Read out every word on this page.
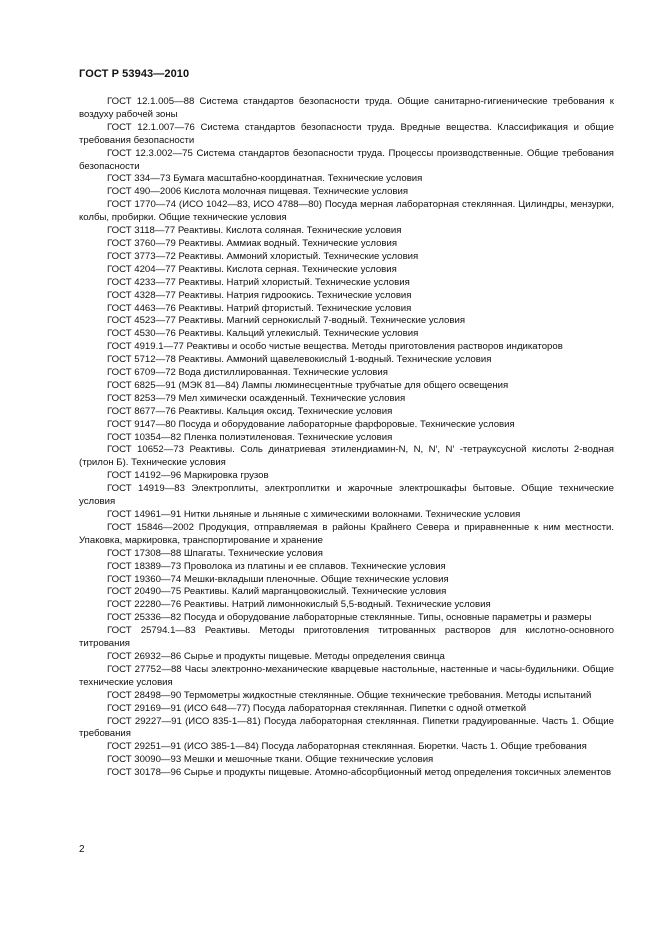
ГОСТ Р 53943—2010

ГОСТ 12.1.005—88 Система стандартов безопасности труда. Общие санитарно-гигиенические требования к воздуху рабочей зоны

ГОСТ 12.1.007—76 Система стандартов безопасности труда. Вредные вещества. Классификация и общие требования безопасности

ГОСТ 12.3.002—75 Система стандартов безопасности труда. Процессы производственные. Общие требования безопасности

ГОСТ 334—73 Бумага масштабно-координатная. Технические условия

ГОСТ 490—2006 Кислота молочная пищевая. Технические условия

ГОСТ 1770—74 (ИСО 1042—83, ИСО 4788—80) Посуда мерная лабораторная стеклянная. Цилиндры, мензурки, колбы, пробирки. Общие технические условия

ГОСТ 3118—77 Реактивы. Кислота соляная. Технические условия

ГОСТ 3760—79 Реактивы. Аммиак водный. Технические условия

ГОСТ 3773—72 Реактивы. Аммоний хлористый. Технические условия

ГОСТ 4204—77 Реактивы. Кислота серная. Технические условия

ГОСТ 4233—77 Реактивы. Натрий хлористый. Технические условия

ГОСТ 4328—77 Реактивы. Натрия гидроокись. Технические условия

ГОСТ 4463—76 Реактивы. Натрий фтористый. Технические условия

ГОСТ 4523—77 Реактивы. Магний сернокислый 7-водный. Технические условия

ГОСТ 4530—76 Реактивы. Кальций углекислый. Технические условия

ГОСТ 4919.1—77 Реактивы и особо чистые вещества. Методы приготовления растворов индикаторов

ГОСТ 5712—78 Реактивы. Аммоний щавелевокислый 1-водный. Технические условия

ГОСТ 6709—72 Вода дистиллированная. Технические условия

ГОСТ 6825—91 (МЭК 81—84) Лампы люминесцентные трубчатые для общего освещения

ГОСТ 8253—79 Мел химически осажденный. Технические условия

ГОСТ 8677—76 Реактивы. Кальция оксид. Технические условия

ГОСТ 9147—80 Посуда и оборудование лабораторные фарфоровые. Технические условия

ГОСТ 10354—82 Пленка полиэтиленовая. Технические условия

ГОСТ 10652—73 Реактивы. Соль динатриевая этилендиамин-N, N, N′, N′ -тетрауксусной кислоты 2-водная (трилон Б). Технические условия

ГОСТ 14192—96 Маркировка грузов

ГОСТ 14919—83 Электроплиты, электроплитки и жарочные электрошкафы бытовые. Общие технические условия

ГОСТ 14961—91 Нитки льняные и льняные с химическими волокнами. Технические условия

ГОСТ 15846—2002 Продукция, отправляемая в районы Крайнего Севера и приравненные к ним местности. Упаковка, маркировка, транспортирование и хранение

ГОСТ 17308—88 Шпагаты. Технические условия

ГОСТ 18389—73 Проволока из платины и ее сплавов. Технические условия

ГОСТ 19360—74 Мешки-вкладыши пленочные. Общие технические условия

ГОСТ 20490—75 Реактивы. Калий марганцовокислый. Технические условия

ГОСТ 22280—76 Реактивы. Натрий лимоннокислый 5,5-водный. Технические условия

ГОСТ 25336—82 Посуда и оборудование лабораторные стеклянные. Типы, основные параметры и размеры

ГОСТ 25794.1—83 Реактивы. Методы приготовления титрованных растворов для кислотно-основного титрования

ГОСТ 26932—86 Сырье и продукты пищевые. Методы определения свинца

ГОСТ 27752—88 Часы электронно-механические кварцевые настольные, настенные и часы-будильники. Общие технические условия

ГОСТ 28498—90 Термометры жидкостные стеклянные. Общие технические требования. Методы испытаний

ГОСТ 29169—91 (ИСО 648—77) Посуда лабораторная стеклянная. Пипетки с одной отметкой

ГОСТ 29227—91 (ИСО 835-1—81) Посуда лабораторная стеклянная. Пипетки градуированные. Часть 1. Общие требования

ГОСТ 29251—91 (ИСО 385-1—84) Посуда лабораторная стеклянная. Бюретки. Часть 1. Общие требования

ГОСТ 30090—93 Мешки и мешочные ткани. Общие технические условия

ГОСТ 30178—96 Сырье и продукты пищевые. Атомно-абсорбционный метод определения токсичных элементов

2
